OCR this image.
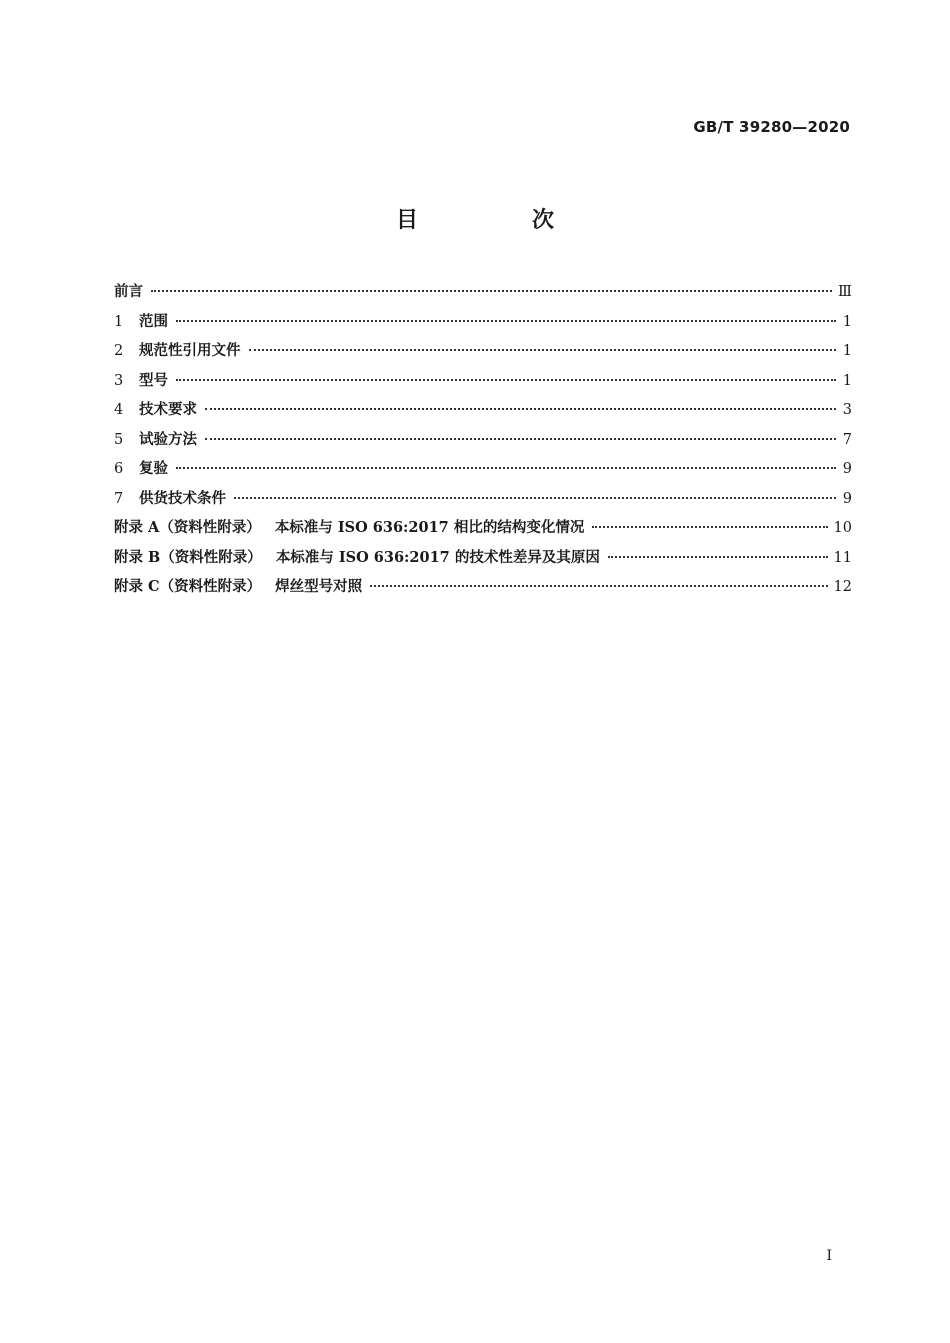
GB/T 39280—2020
目　次
前言	Ⅲ
1	范围	1
2	规范性引用文件	1
3	型号	1
4	技术要求	3
5	试验方法	7
6	复验	9
7	供货技术条件	9
附录 A（资料性附录） 本标准与 ISO 636:2017 相比的结构变化情况	10
附录 B（资料性附录） 本标准与 ISO 636:2017 的技术性差异及其原因	11
附录 C（资料性附录） 焊丝型号对照	12
I
